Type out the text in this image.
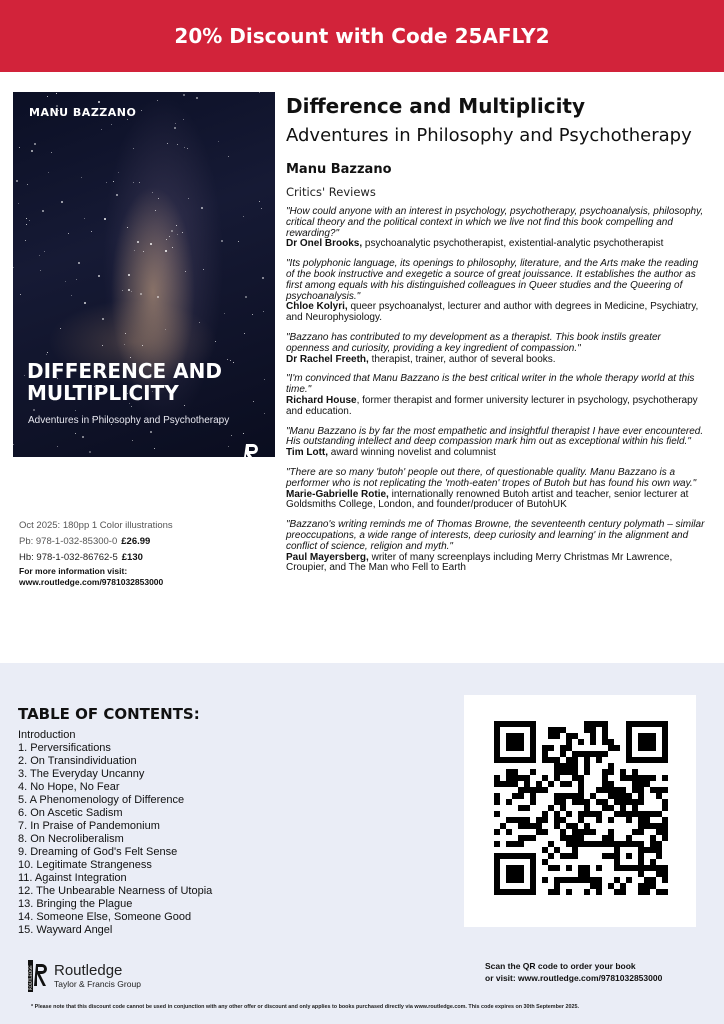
20% Discount with Code 25AFLY2
MANU BAZZANO
DIFFERENCE AND
MULTIPLICITY
Adventures in Philosophy and Psychotherapy
Oct 2025: 180pp 1 Color illustrations
Pb: 978-1-032-85300-0 £26.99
Hb: 978-1-032-86762-5 £130
For more information visit:
www.routledge.com/9781032853000
Difference and Multiplicity
Adventures in Philosophy and Psychotherapy
Manu Bazzano
Critics' Reviews
"How could anyone with an interest in psychology, psychotherapy, psychoanalysis, philosophy, critical theory and the political context in which we live not find this book compelling and rewarding?"
Dr Onel Brooks, psychoanalytic psychotherapist, existential-analytic psychotherapist
"Its polyphonic language, its openings to philosophy, literature, and the Arts make the reading of the book instructive and exegetic a source of great jouissance. It establishes the author as first among equals with his distinguished colleagues in Queer studies and the Queering of psychoanalysis."
Chloe Kolyri, queer psychoanalyst, lecturer and author with degrees in Medicine, Psychiatry, and Neurophysiology.
"Bazzano has contributed to my development as a therapist. This book instils greater openness and curiosity, providing a key ingredient of compassion."
Dr Rachel Freeth, therapist, trainer, author of several books.
"I'm convinced that Manu Bazzano is the best critical writer in the whole therapy world at this time."
Richard House, former therapist and former university lecturer in psychology, psychotherapy and education.
"Manu Bazzano is by far the most empathetic and insightful therapist I have ever encountered. His outstanding intellect and deep compassion mark him out as exceptional within his field."
Tim Lott, award winning novelist and columnist
"There are so many 'butoh' people out there, of questionable quality. Manu Bazzano is a performer who is not replicating the 'moth-eaten' tropes of Butoh but has found his own way."
Marie-Gabrielle Rotie, internationally renowned Butoh artist and teacher, senior lecturer at Goldsmiths College, London, and founder/producer of ButohUK
"Bazzano's writing reminds me of Thomas Browne, the seventeenth century polymath – similar preoccupations, a wide range of interests, deep curiosity and learning' in the alignment and conflict of science, religion and myth."
Paul Mayersberg, writer of many screenplays including Merry Christmas Mr Lawrence, Croupier, and The Man who Fell to Earth
TABLE OF CONTENTS:
Introduction
1. Perversifications
2. On Transindividuation
3. The Everyday Uncanny
4. No Hope, No Fear
5. A Phenomenology of Difference
6. On Ascetic Sadism
7. In Praise of Pandemonium
8. On Necroliberalism
9. Dreaming of God's Felt Sense
10. Legitimate Strangeness
11. Against Integration
12. The Unbearable Nearness of Utopia
13. Bringing the Plague
14. Someone Else, Someone Good
15. Wayward Angel
ROUTLEDGE Routledge
Taylor & Francis Group
Scan the QR code to order your book
or visit: www.routledge.com/9781032853000
* Please note that this discount code cannot be used in conjunction with any other offer or discount and only applies to books purchased directly via www.routledge.com. This code expires on 30th September 2025.
